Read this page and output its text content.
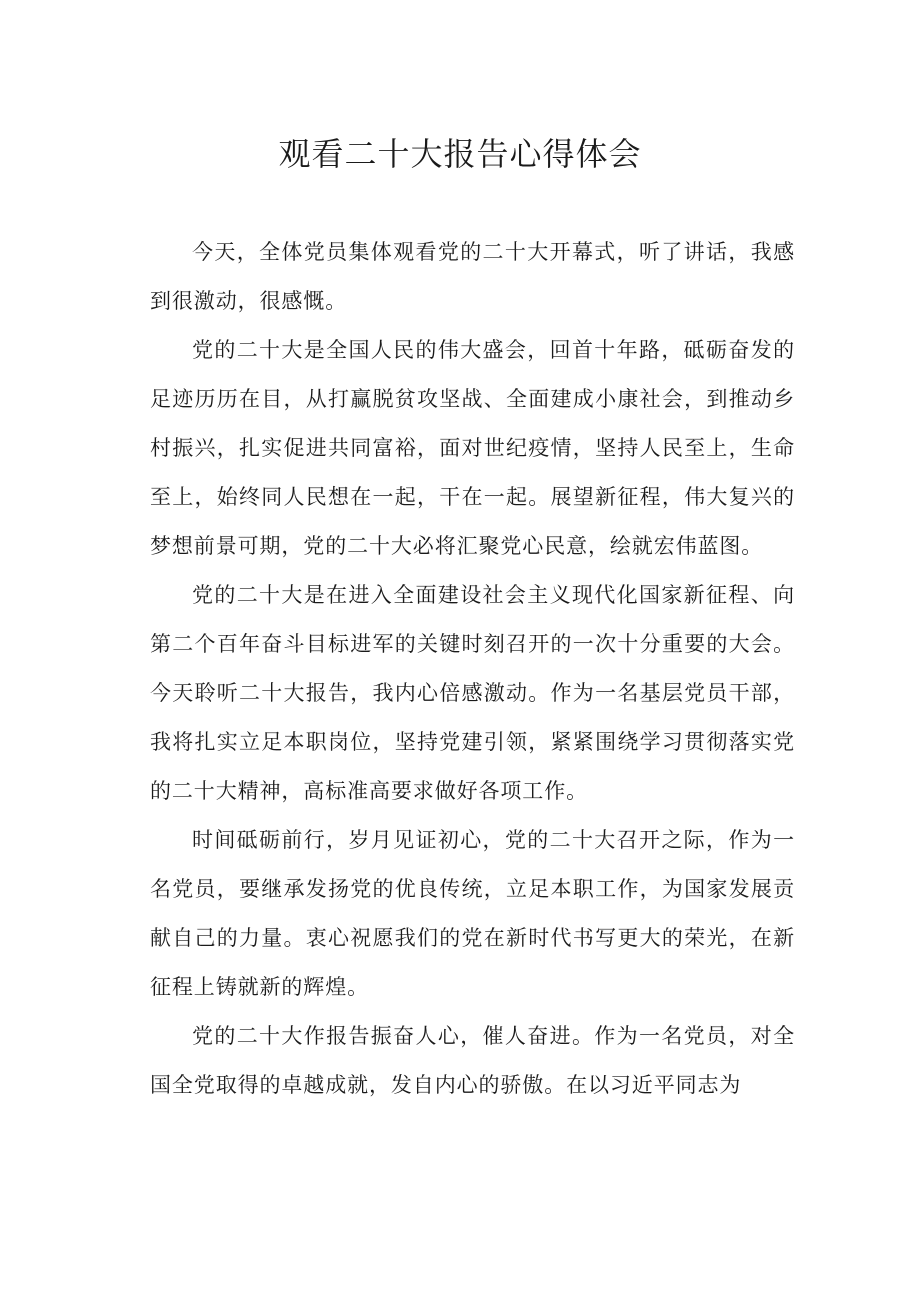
观看二十大报告心得体会

今天，全体党员集体观看党的二十大开幕式，听了讲话，我感到很激动，很感慨。

党的二十大是全国人民的伟大盛会，回首十年路，砥砺奋发的足迹历历在目，从打赢脱贫攻坚战、全面建成小康社会，到推动乡村振兴，扎实促进共同富裕，面对世纪疫情，坚持人民至上，生命至上，始终同人民想在一起，干在一起。展望新征程，伟大复兴的梦想前景可期，党的二十大必将汇聚党心民意，绘就宏伟蓝图。

党的二十大是在进入全面建设社会主义现代化国家新征程、向第二个百年奋斗目标进军的关键时刻召开的一次十分重要的大会。今天聆听二十大报告，我内心倍感激动。作为一名基层党员干部，我将扎实立足本职岗位，坚持党建引领，紧紧围绕学习贯彻落实党的二十大精神，高标准高要求做好各项工作。

时间砥砺前行，岁月见证初心，党的二十大召开之际，作为一名党员，要继承发扬党的优良传统，立足本职工作，为国家发展贡献自己的力量。衷心祝愿我们的党在新时代书写更大的荣光，在新征程上铸就新的辉煌。

党的二十大作报告振奋人心，催人奋进。作为一名党员，对全国全党取得的卓越成就，发自内心的骄傲。在以习近平同志为
